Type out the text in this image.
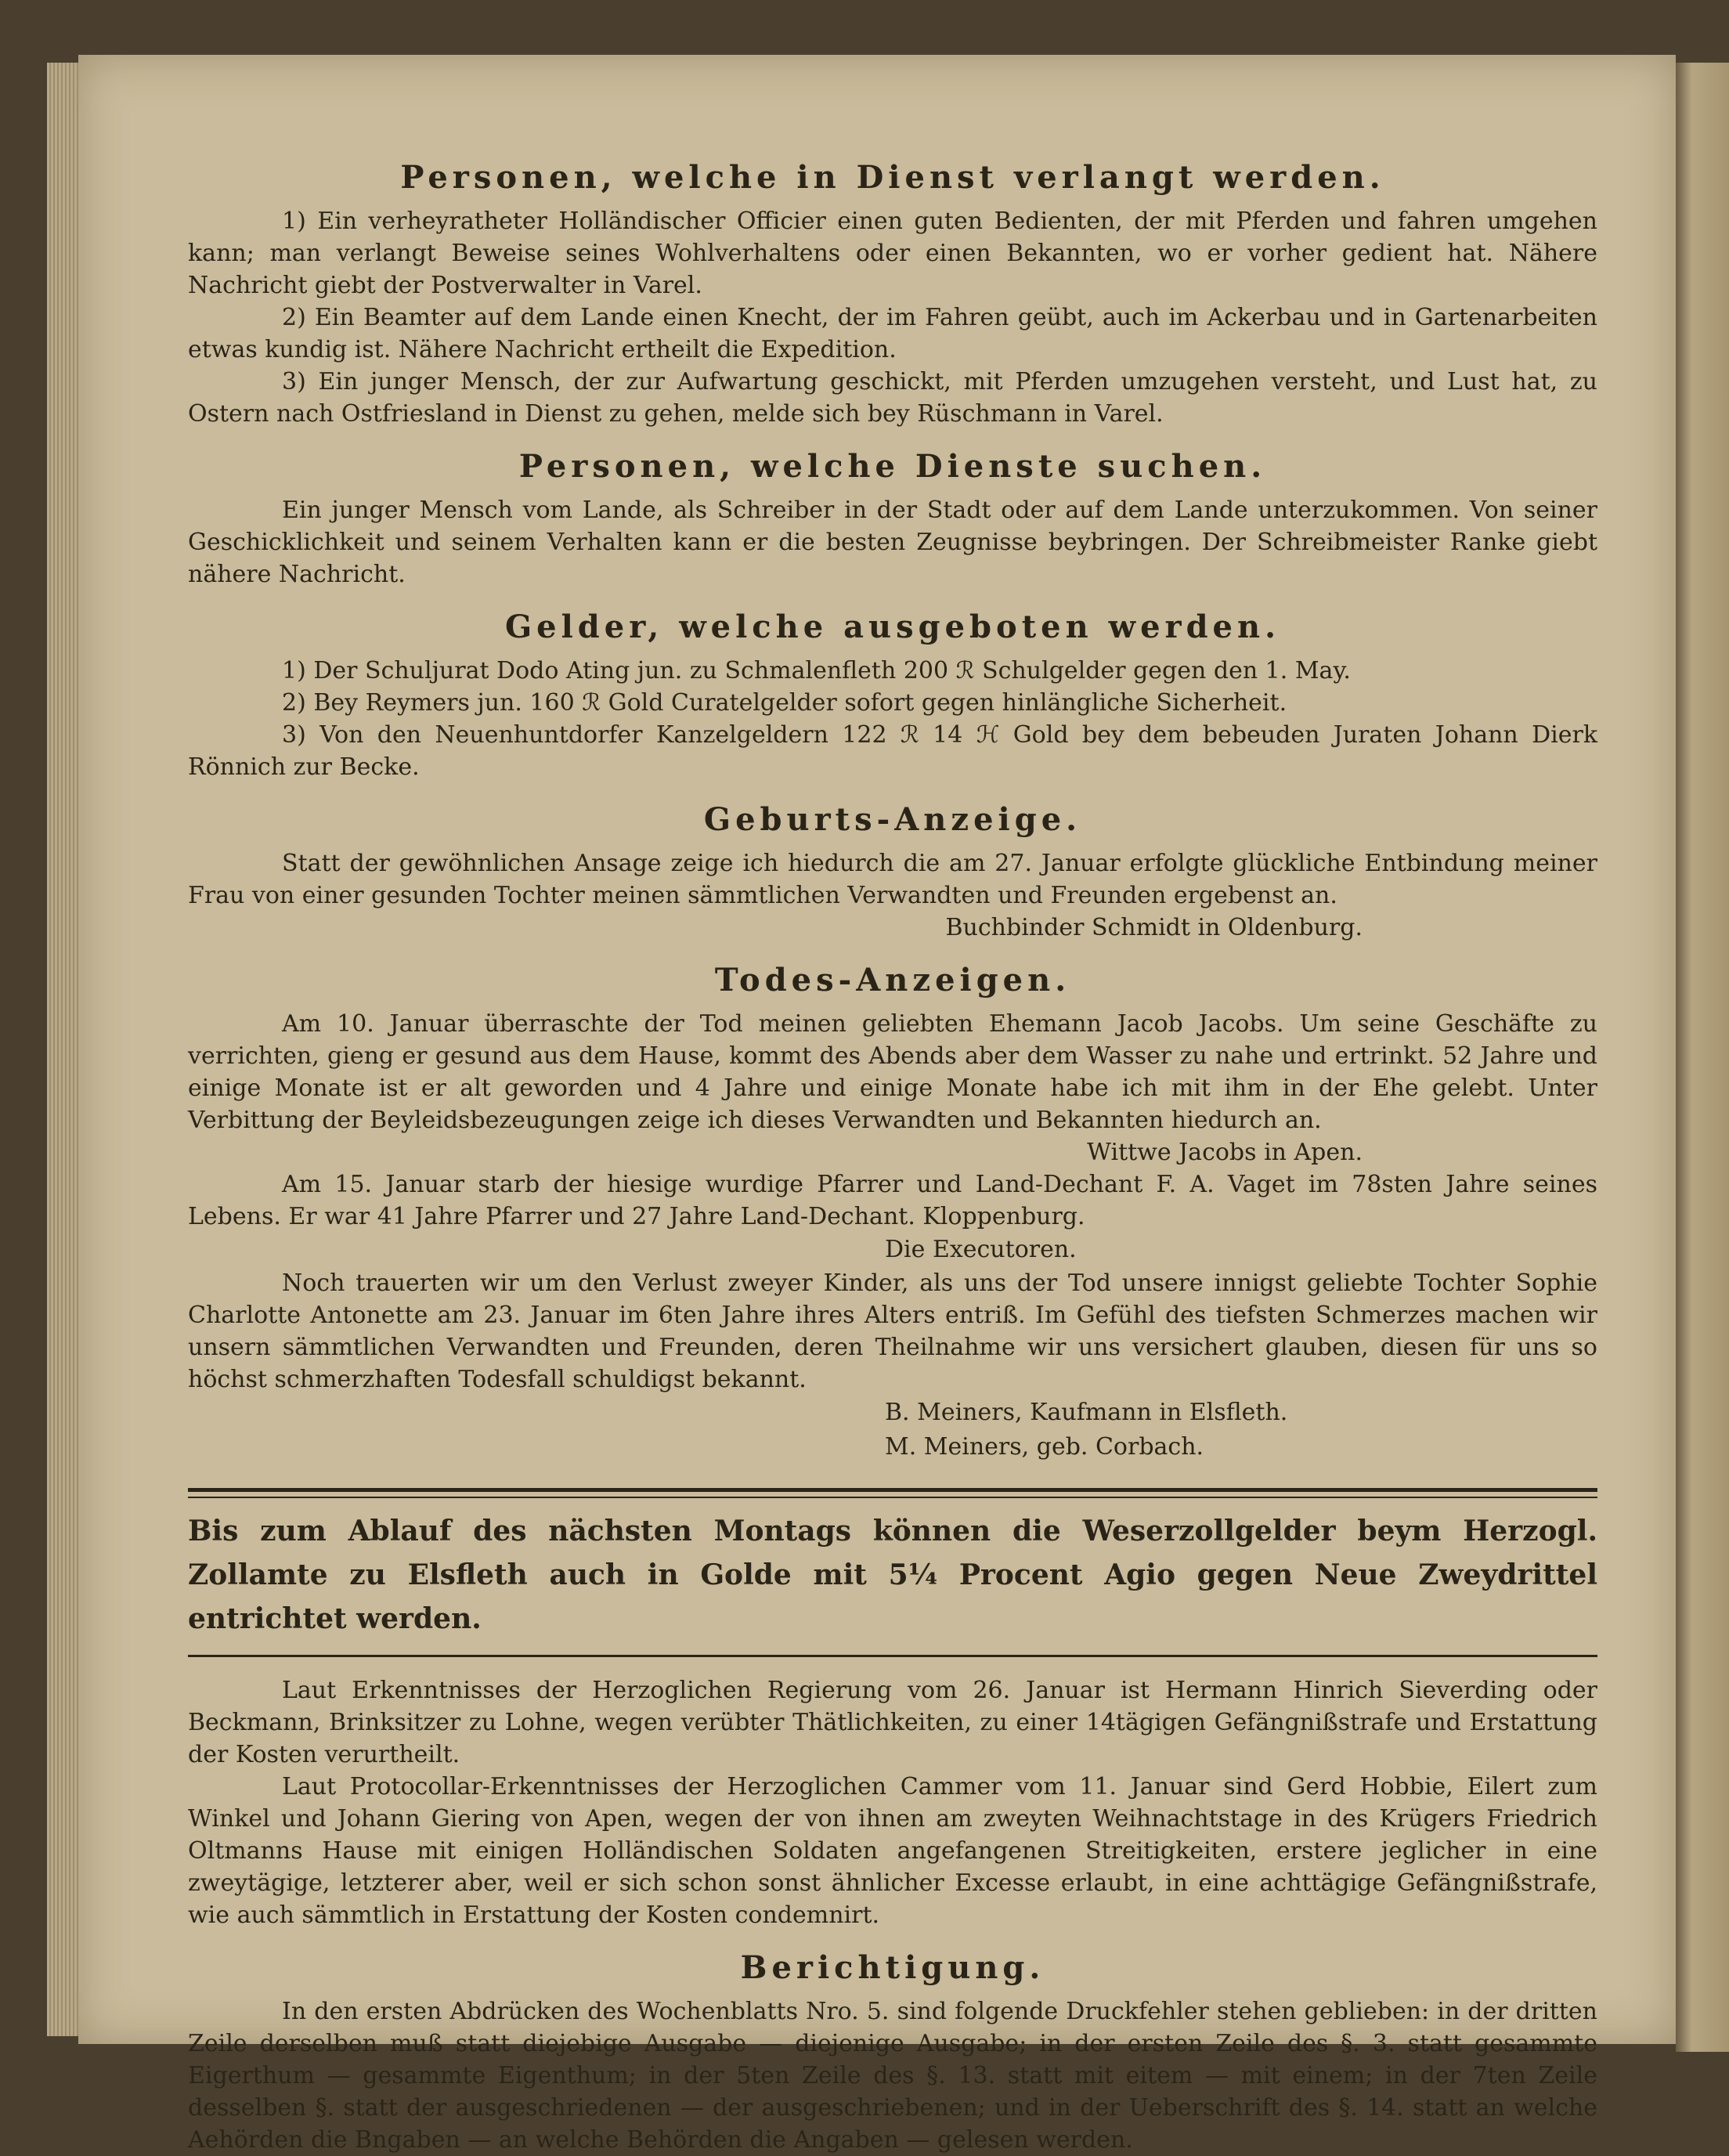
Personen, welche in Dienst verlangt werden.

1) Ein verheyratheter Holländischer Officier einen guten Bedienten, der mit Pferden und fahren umgehen kann; man verlangt Beweise seines Wohlverhaltens oder einen Bekannten, wo er vorher gedient hat. Nähere Nachricht giebt der Postverwalter in Varel.

2) Ein Beamter auf dem Lande einen Knecht, der im Fahren geübt, auch im Ackerbau und in Gartenarbeiten etwas kundig ist. Nähere Nachricht ertheilt die Expedition.

3) Ein junger Mensch, der zur Aufwartung geschickt, mit Pferden umzugehen versteht, und Lust hat, zu Ostern nach Ostfriesland in Dienst zu gehen, melde sich bey Rüschmann in Varel.

Personen, welche Dienste suchen.

Ein junger Mensch vom Lande, als Schreiber in der Stadt oder auf dem Lande unterzukommen. Von seiner Geschicklichkeit und seinem Verhalten kann er die besten Zeugnisse beybringen. Der Schreibmeister Ranke giebt nähere Nachricht.

Gelder, welche ausgeboten werden.

1) Der Schuljurat Dodo Ating jun. zu Schmalenfleth 200 ℛ Schulgelder gegen den 1. May.

2) Bey Reymers jun. 160 ℛ Gold Curatelgelder sofort gegen hinlängliche Sicherheit.

3) Von den Neuenhuntdorfer Kanzelgeldern 122 ℛ 14 ℋ Gold bey dem bebeuden Juraten Johann Dierk Rönnich zur Becke.

Geburts-Anzeige.

Statt der gewöhnlichen Ansage zeige ich hiedurch die am 27. Januar erfolgte glückliche Entbindung meiner Frau von einer gesunden Tochter meinen sämmtlichen Verwandten und Freunden ergebenst an.

Buchbinder Schmidt in Oldenburg.

Todes-Anzeigen.

Am 10. Januar überraschte der Tod meinen geliebten Ehemann Jacob Jacobs. Um seine Geschäfte zu verrichten, gieng er gesund aus dem Hause, kommt des Abends aber dem Wasser zu nahe und ertrinkt. 52 Jahre und einige Monate ist er alt geworden und 4 Jahre und einige Monate habe ich mit ihm in der Ehe gelebt. Unter Verbittung der Beyleidsbezeugungen zeige ich dieses Verwandten und Bekannten hiedurch an.

Wittwe Jacobs in Apen.

Am 15. Januar starb der hiesige wurdige Pfarrer und Land-Dechant F. A. Vaget im 78sten Jahre seines Lebens. Er war 41 Jahre Pfarrer und 27 Jahre Land-Dechant. Kloppenburg.

Die Executoren.

Noch trauerten wir um den Verlust zweyer Kinder, als uns der Tod unsere innigst geliebte Tochter Sophie Charlotte Antonette am 23. Januar im 6ten Jahre ihres Alters entriß. Im Gefühl des tiefsten Schmerzes machen wir unsern sämmtlichen Verwandten und Freunden, deren Theilnahme wir uns versichert glauben, diesen für uns so höchst schmerzhaften Todesfall schuldigst bekannt.

B. Meiners, Kaufmann in Elsfleth.
M. Meiners, geb. Corbach.
Bis zum Ablauf des nächsten Montags können die Weserzollgelder beym Herzogl. Zollamte zu Elsfleth auch in Golde mit 5¼ Procent Agio gegen Neue Zweydrittel entrichtet werden.

Laut Erkenntnisses der Herzoglichen Regierung vom 26. Januar ist Hermann Hinrich Sieverding oder Beckmann, Brinksitzer zu Lohne, wegen verübter Thätlichkeiten, zu einer 14tägigen Gefängnißstrafe und Erstattung der Kosten verurtheilt.

Laut Protocollar-Erkenntnisses der Herzoglichen Cammer vom 11. Januar sind Gerd Hobbie, Eilert zum Winkel und Johann Giering von Apen, wegen der von ihnen am zweyten Weihnachtstage in des Krügers Friedrich Oltmanns Hause mit einigen Holländischen Soldaten angefangenen Streitigkeiten, erstere jeglicher in eine zweytägige, letzterer aber, weil er sich schon sonst ähnlicher Excesse erlaubt, in eine achttägige Gefängnißstrafe, wie auch sämmtlich in Erstattung der Kosten condemnirt.

Berichtigung.

In den ersten Abdrücken des Wochenblatts Nro. 5. sind folgende Druckfehler stehen geblieben: in der dritten Zeile derselben muß statt diejebige Ausgabe — diejenige Ausgabe; in der ersten Zeile des §. 3. statt gesammte Eigerthum — gesammte Eigenthum; in der 5ten Zeile des §. 13. statt mit eitem — mit einem; in der 7ten Zeile desselben §. statt der ausgeschriedenen — der ausgeschriebenen; und in der Ueberschrift des §. 14. statt an welche Aehörden die Bngaben — an welche Behörden die Angaben — gelesen werden.
